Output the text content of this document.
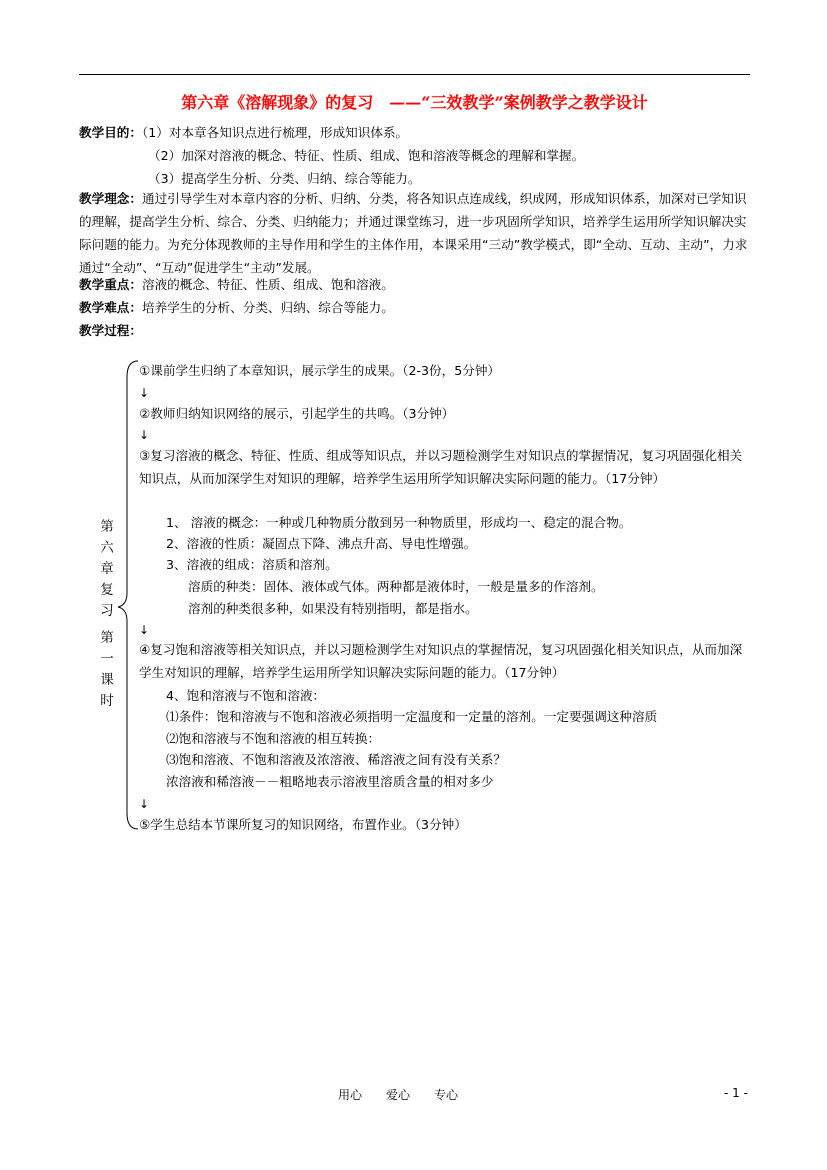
第六章《溶解现象》的复习　——“三效教学”案例教学之教学设计
教学目的：（1）对本章各知识点进行梳理，形成知识体系。
（2）加深对溶液的概念、特征、性质、组成、饱和溶液等概念的理解和掌握。
（3）提高学生分析、分类、归纳、综合等能力。
教学理念：通过引导学生对本章内容的分析、归纳、分类，将各知识点连成线，织成网，形成知识体系，加深对已学知识的理解，提高学生分析、综合、分类、归纳能力；并通过课堂练习，进一步巩固所学知识，培养学生运用所学知识解决实际问题的能力。为充分体现教师的主导作用和学生的主体作用，本课采用“三动”教学模式，即“全动、互动、主动”，力求通过“全动”、“互动”促进学生“主动”发展。
教学重点：溶液的概念、特征、性质、组成、饱和溶液。
教学难点：培养学生的分析、分类、归纳、综合等能力。
教学过程：
第六章复习
第一课时
①课前学生归纳了本章知识，展示学生的成果。（2-3份，5分钟）
↓
②教师归纳知识网络的展示，引起学生的共鸣。（3分钟）
↓
③复习溶液的概念、特征、性质、组成等知识点，并以习题检测学生对知识点的掌握情况，复习巩固强化相关知识点，从而加深学生对知识的理解，培养学生运用所学知识解决实际问题的能力。（17分钟）
1、 溶液的概念：一种或几种物质分散到另一种物质里，形成均一、稳定的混合物。
2、溶液的性质：凝固点下降、沸点升高、导电性增强。
3、溶液的组成：溶质和溶剂。
溶质的种类：固体、液体或气体。两种都是液体时，一般是量多的作溶剂。
溶剂的种类很多种，如果没有特别指明，都是指水。
↓
④复习饱和溶液等相关知识点，并以习题检测学生对知识点的掌握情况，复习巩固强化相关知识点，从而加深学生对知识的理解，培养学生运用所学知识解决实际问题的能力。（17分钟）
4、饱和溶液与不饱和溶液：
⑴条件：饱和溶液与不饱和溶液必须指明一定温度和一定量的溶剂。一定要强调这种溶质
⑵饱和溶液与不饱和溶液的相互转换：
⑶饱和溶液、不饱和溶液及浓溶液、稀溶液之间有没有关系？
浓溶液和稀溶液－－粗略地表示溶液里溶质含量的相对多少
↓
⑤学生总结本节课所复习的知识网络，布置作业。（3分钟）
用心　　爱心　　专心	- 1 -
